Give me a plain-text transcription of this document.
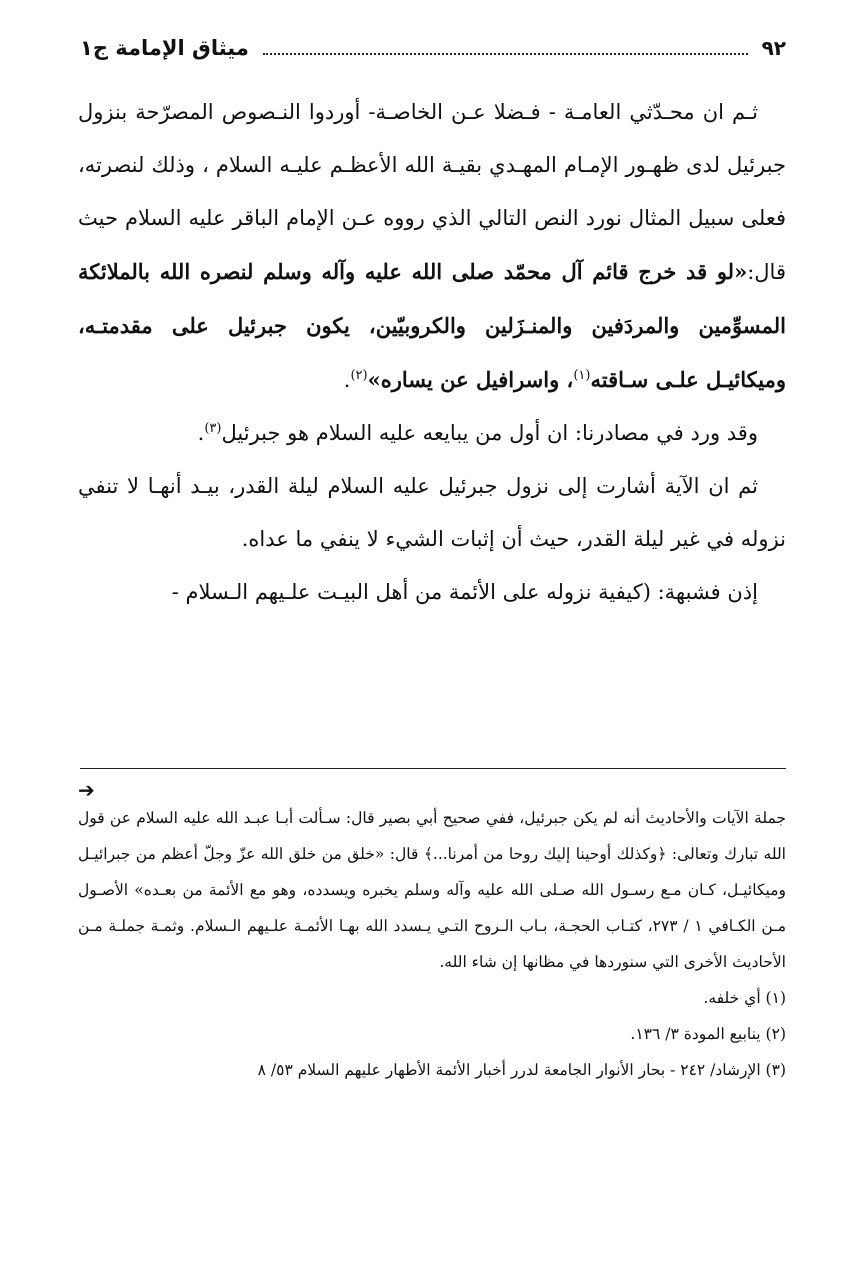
٩٢
ميثاق الإمامة ج١

ثـم ان محـدّثي العامـة - فـضلا عـن الخاصـة- أوردوا النـصوص المصرّحة بنزول جبرئيل لدى ظهـور الإمـام المهـدي بقيـة الله الأعظـم عليـه السلام ، وذلك لنصرته، فعلى سبيل المثال نورد النص التالي الذي رووه عـن الإمام الباقر عليه السلام حيث قال:«لو قد خرج قائم آل محمّد صلى الله عليه وآله وسلم لنصره الله بالملائكة المسوِّمين والمردَفين والمنـزَلين والكروبيّين، يكون جبرئيل على مقدمتـه، وميكائيـل علـى سـاقته$^{(١)}$، واسرافيل عن يساره»$^{(٢)}$.

وقد ورد في مصادرنا: ان أول من يبايعه عليه السلام هو جبرئيل$^{(٣)}$.

ثم ان الآية أشارت إلى نزول جبرئيل عليه السلام ليلة القدر، بيـد أنهـا لا تنفي نزوله في غير ليلة القدر، حيث أن إثبات الشيء لا ينفي ما عداه.

إذن فشبهة: (كيفية نزوله على الأئمة من أهل البيـت علـيهم الـسلام -

➔

جملة الآيات والأحاديث أنه لم يكن جبرئيل، ففي صحيح أبي بصير قال: سـألت أبـا عبـد الله عليه السلام عن قول الله تبارك وتعالى: ﴿وكذلك أوحينا إليك روحا من أمرنا...﴾ قال: «خلق من خلق الله عزّ وجلّ أعظم من جبرائيـل وميكائيـل، كـان مـع رسـول الله صـلى الله عليه وآله وسلم يخبره ويسدده، وهو مع الأئمة من بعـده» الأصـول مـن الكـافي ١ / ٢٧٣، كتـاب الحجـة، بـاب الـروح التـي يـسدد الله بهـا الأئمـة علـيهم الـسلام. وثمـة جملـة مـن الأحاديث الأخرى التي سنوردها في مظانها إن شاء الله.

(١) أي خلفه.

(٢) ينابيع المودة ٣/ ١٣٦.

(٣) الإرشاد/ ٢٤٢ - بحار الأنوار الجامعة لدرر أخبار الأئمة الأطهار عليهم السلام ٥٣/ ٨
